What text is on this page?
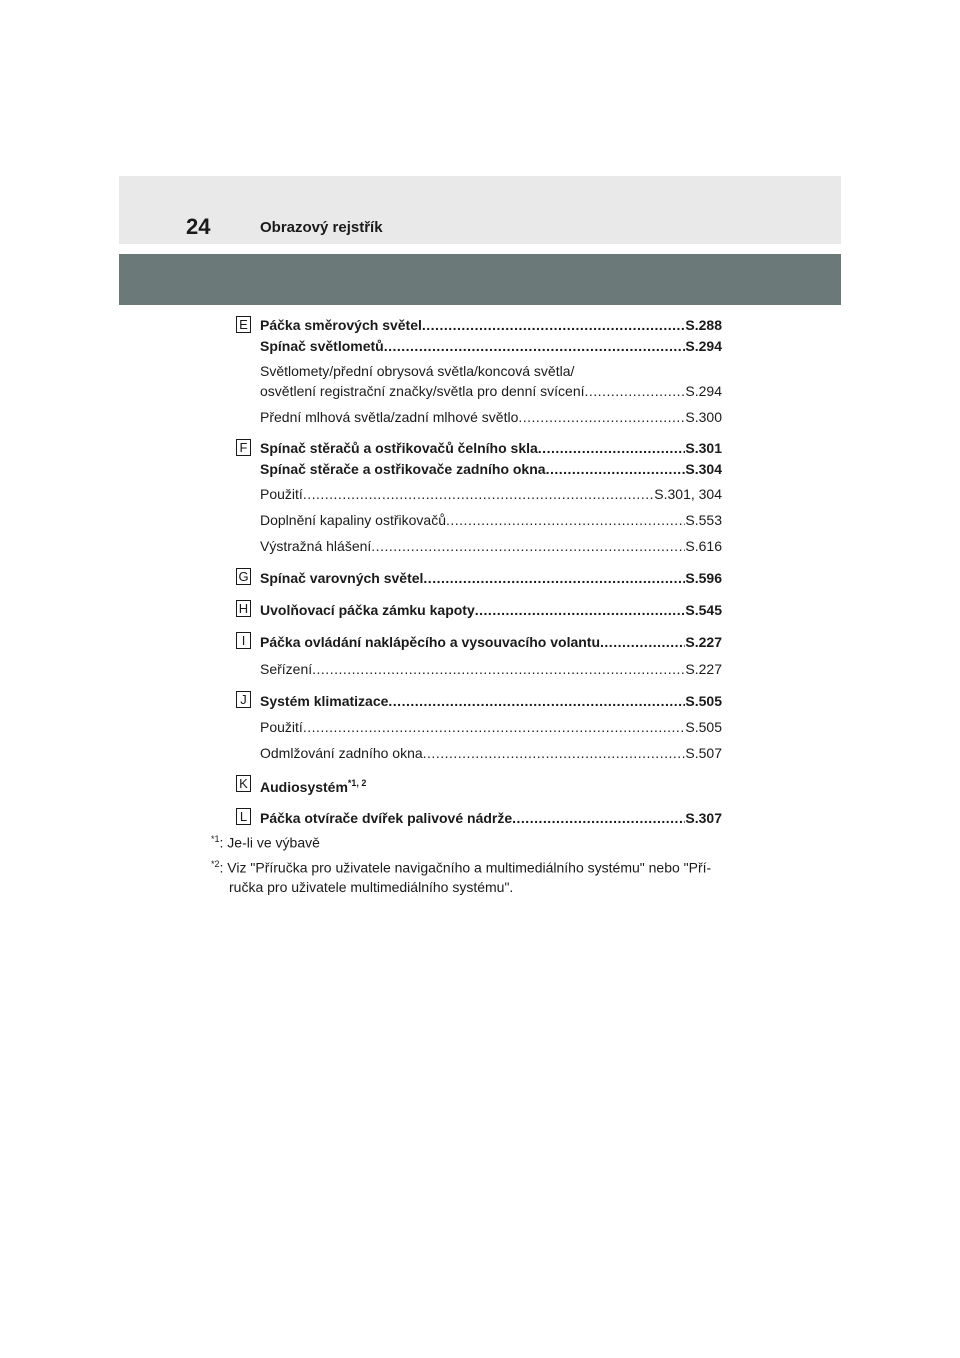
24	Obrazový rejstřík
E Páčka směrových světel .....	S.288
Spínač světlometů .....	S.294
Světlomety/přední obrysová světla/koncová světla/
osvětlení registrační značky/světla pro denní svícení .....	S.294
Přední mlhová světla/zadní mlhové světlo .....	S.300
F Spínač stěračů a ostřikovačů čelního skla .....	S.301
Spínač stěrače a ostřikovače zadního okna .....	S.304
Použití .....	S.301, 304
Doplnění kapaliny ostřikovačů .....	S.553
Výstražná hlášení .....	S.616
G Spínač varovných světel .....	S.596
H Uvolňovací páčka zámku kapoty .....	S.545
I	Páčka ovládání naklápěcího a vysouvacího volantu .....	S.227
Seřízení .....	S.227
J Systém klimatizace .....	S.505
Použití .....	S.505
Odmlžování zadního okna .....	S.507
K Audiosystém$^{*1, 2}$
L Páčka otvírače dvířek palivové nádrže .....	S.307
$^{*1}$: Je-li ve výbavě
$^{*2}$: Viz "Příručka pro uživatele navigačního a multimediálního systému" nebo "Pří-
ručka pro uživatele multimediálního systému".
